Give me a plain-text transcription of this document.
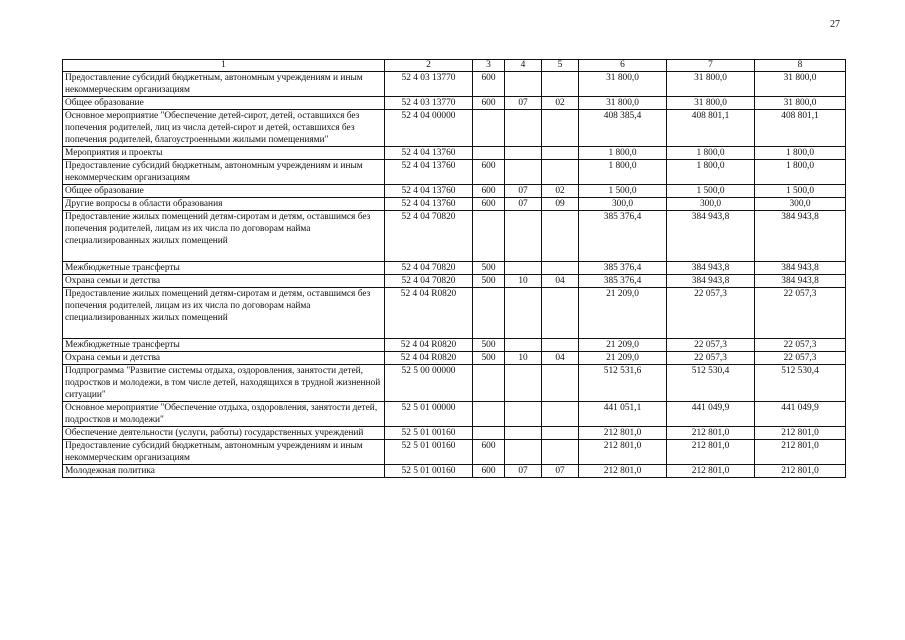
27
1	2	3	4	5	6	7	8
Предоставление субсидий бюджетным, автономным учреждениям и иным некоммерческим организациям	52 4 03 13770	600			31 800,0	31 800,0	31 800,0
Общее образование	52 4 03 13770	600	07	02	31 800,0	31 800,0	31 800,0
Основное мероприятие "Обеспечение детей-сирот, детей, оставшихся без попечения родителей, лиц из числа детей-сирот и детей, оставшихся без попечения родителей, благоустроенными жилыми помещениями"	52 4 04 00000				408 385,4	408 801,1	408 801,1
Мероприятия и проекты	52 4 04 13760				1 800,0	1 800,0	1 800,0
Предоставление субсидий бюджетным, автономным учреждениям и иным некоммерческим организациям	52 4 04 13760	600			1 800,0	1 800,0	1 800,0
Общее образование	52 4 04 13760	600	07	02	1 500,0	1 500,0	1 500,0
Другие вопросы в области образования	52 4 04 13760	600	07	09	300,0	300,0	300,0
Предоставление жилых помещений детям-сиротам и детям, оставшимся без попечения родителей, лицам из их числа по договорам найма специализированных жилых помещений	52 4 04 70820				385 376,4	384 943,8	384 943,8
Межбюджетные трансферты	52 4 04 70820	500			385 376,4	384 943,8	384 943,8
Охрана семьи и детства	52 4 04 70820	500	10	04	385 376,4	384 943,8	384 943,8
Предоставление жилых помещений детям-сиротам и детям, оставшимся без попечения родителей, лицам из их числа по договорам найма специализированных жилых помещений	52 4 04 R0820				21 209,0	22 057,3	22 057,3
Межбюджетные трансферты	52 4 04 R0820	500			21 209,0	22 057,3	22 057,3
Охрана семьи и детства	52 4 04 R0820	500	10	04	21 209,0	22 057,3	22 057,3
Подпрограмма "Развитие системы отдыха, оздоровления, занятости детей, подростков и молодежи, в том числе детей, находящихся в трудной жизненной ситуации"	52 5 00 00000				512 531,6	512 530,4	512 530,4
Основное мероприятие "Обеспечение отдыха, оздоровления, занятости детей, подростков и молодежи"	52 5 01 00000				441 051,1	441 049,9	441 049,9
Обеспечение деятельности (услуги, работы) государственных учреждений	52 5 01 00160				212 801,0	212 801,0	212 801,0
Предоставление субсидий бюджетным, автономным учреждениям и иным некоммерческим организациям	52 5 01 00160	600			212 801,0	212 801,0	212 801,0
Молодежная политика	52 5 01 00160	600	07	07	212 801,0	212 801,0	212 801,0
